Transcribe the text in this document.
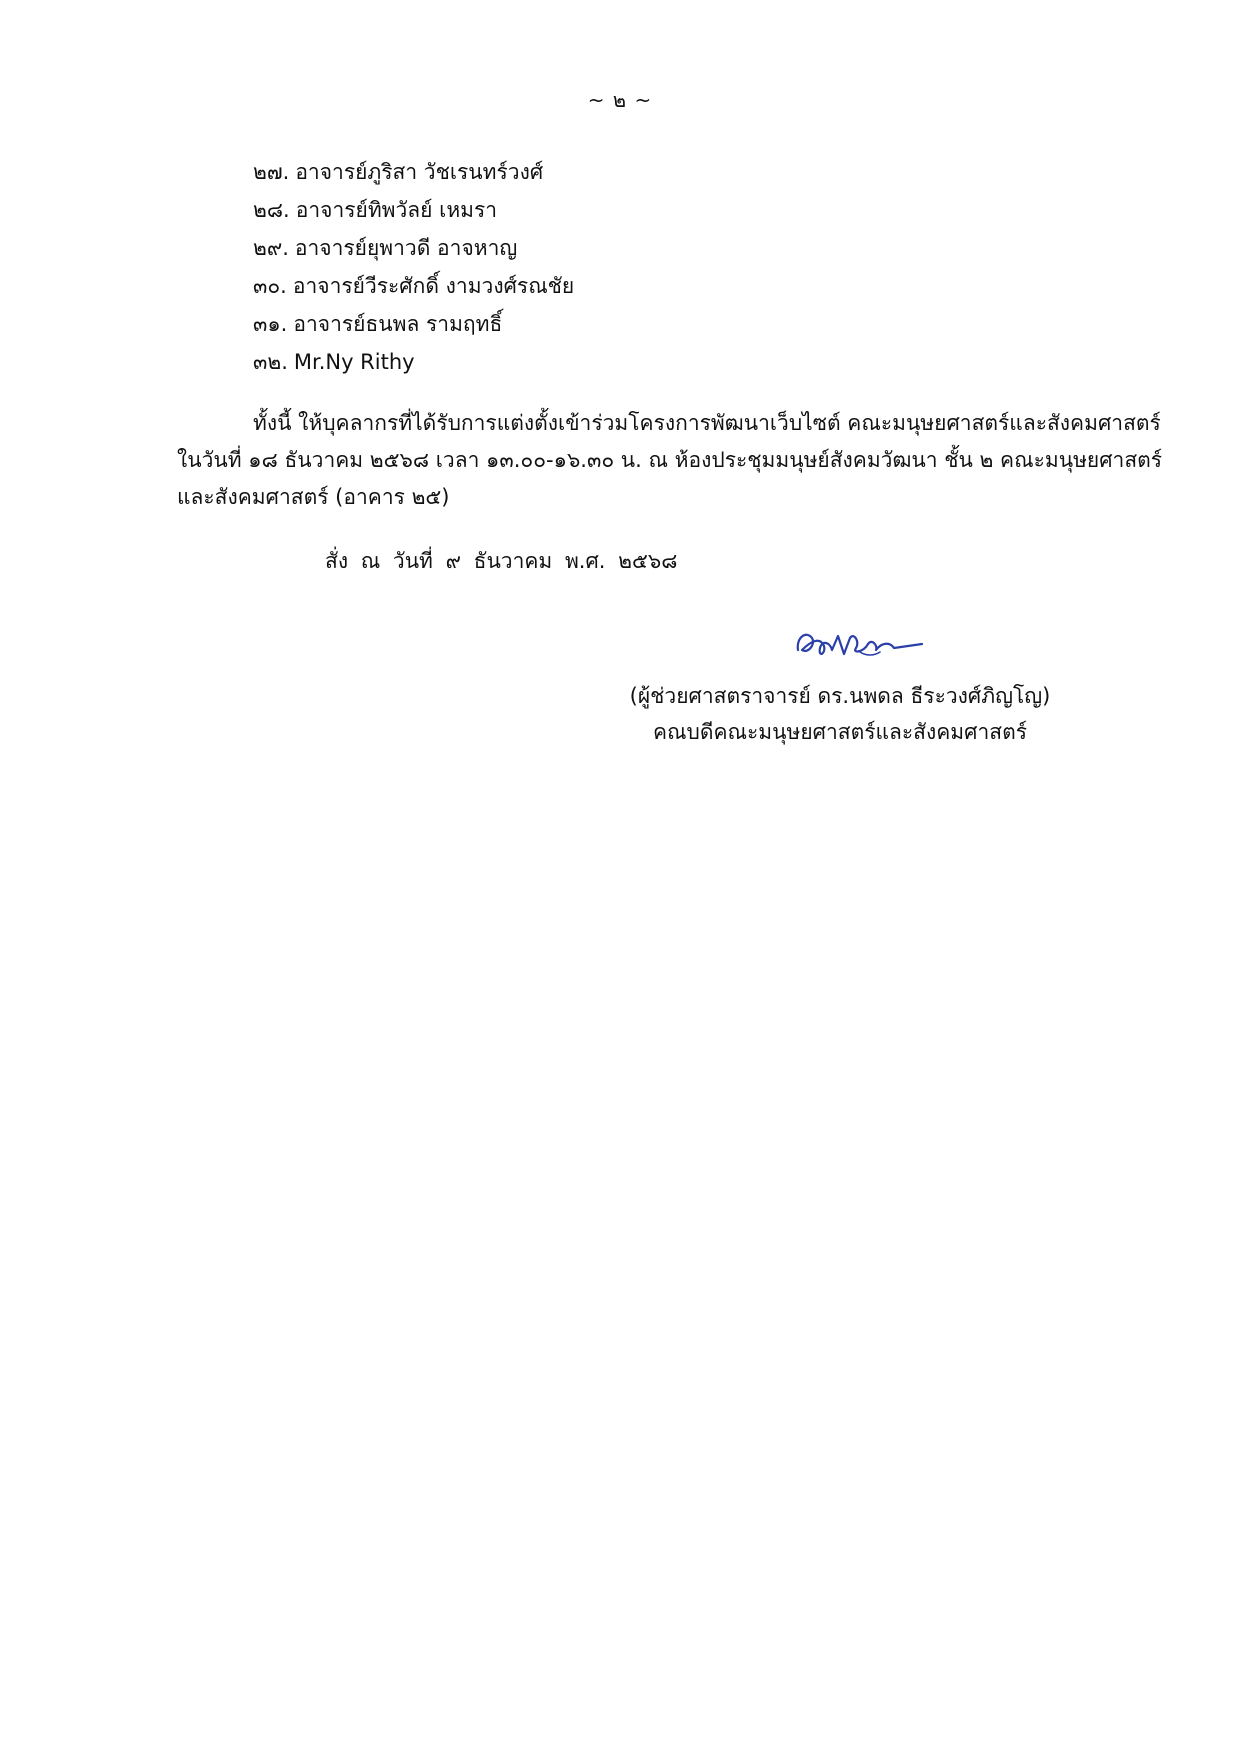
~ ๒ ~
๒๗. อาจารย์ภูริสา วัชเรนทร์วงศ์
๒๘. อาจารย์ทิพวัลย์ เหมรา
๒๙. อาจารย์ยุพาวดี อาจหาญ
๓๐. อาจารย์วีระศักดิ์ งามวงศ์รณชัย
๓๑. อาจารย์ธนพล รามฤทธิ์
๓๒. Mr.Ny Rithy
ทั้งนี้ ให้บุคลากรที่ได้รับการแต่งตั้งเข้าร่วมโครงการพัฒนาเว็บไซต์ คณะมนุษยศาสตร์และสังคมศาสตร์
ในวันที่ ๑๘ ธันวาคม ๒๕๖๘ เวลา ๑๓.๐๐-๑๖.๓๐ น. ณ ห้องประชุมมนุษย์สังคมวัฒนา ชั้น ๒ คณะมนุษยศาสตร์
และสังคมศาสตร์ (อาคาร ๒๕)
สั่ง ณ วันที่ ๙ ธันวาคม พ.ศ. ๒๕๖๘
(ผู้ช่วยศาสตราจารย์ ดร.นพดล ธีระวงศ์ภิญโญ)
คณบดีคณะมนุษยศาสตร์และสังคมศาสตร์
